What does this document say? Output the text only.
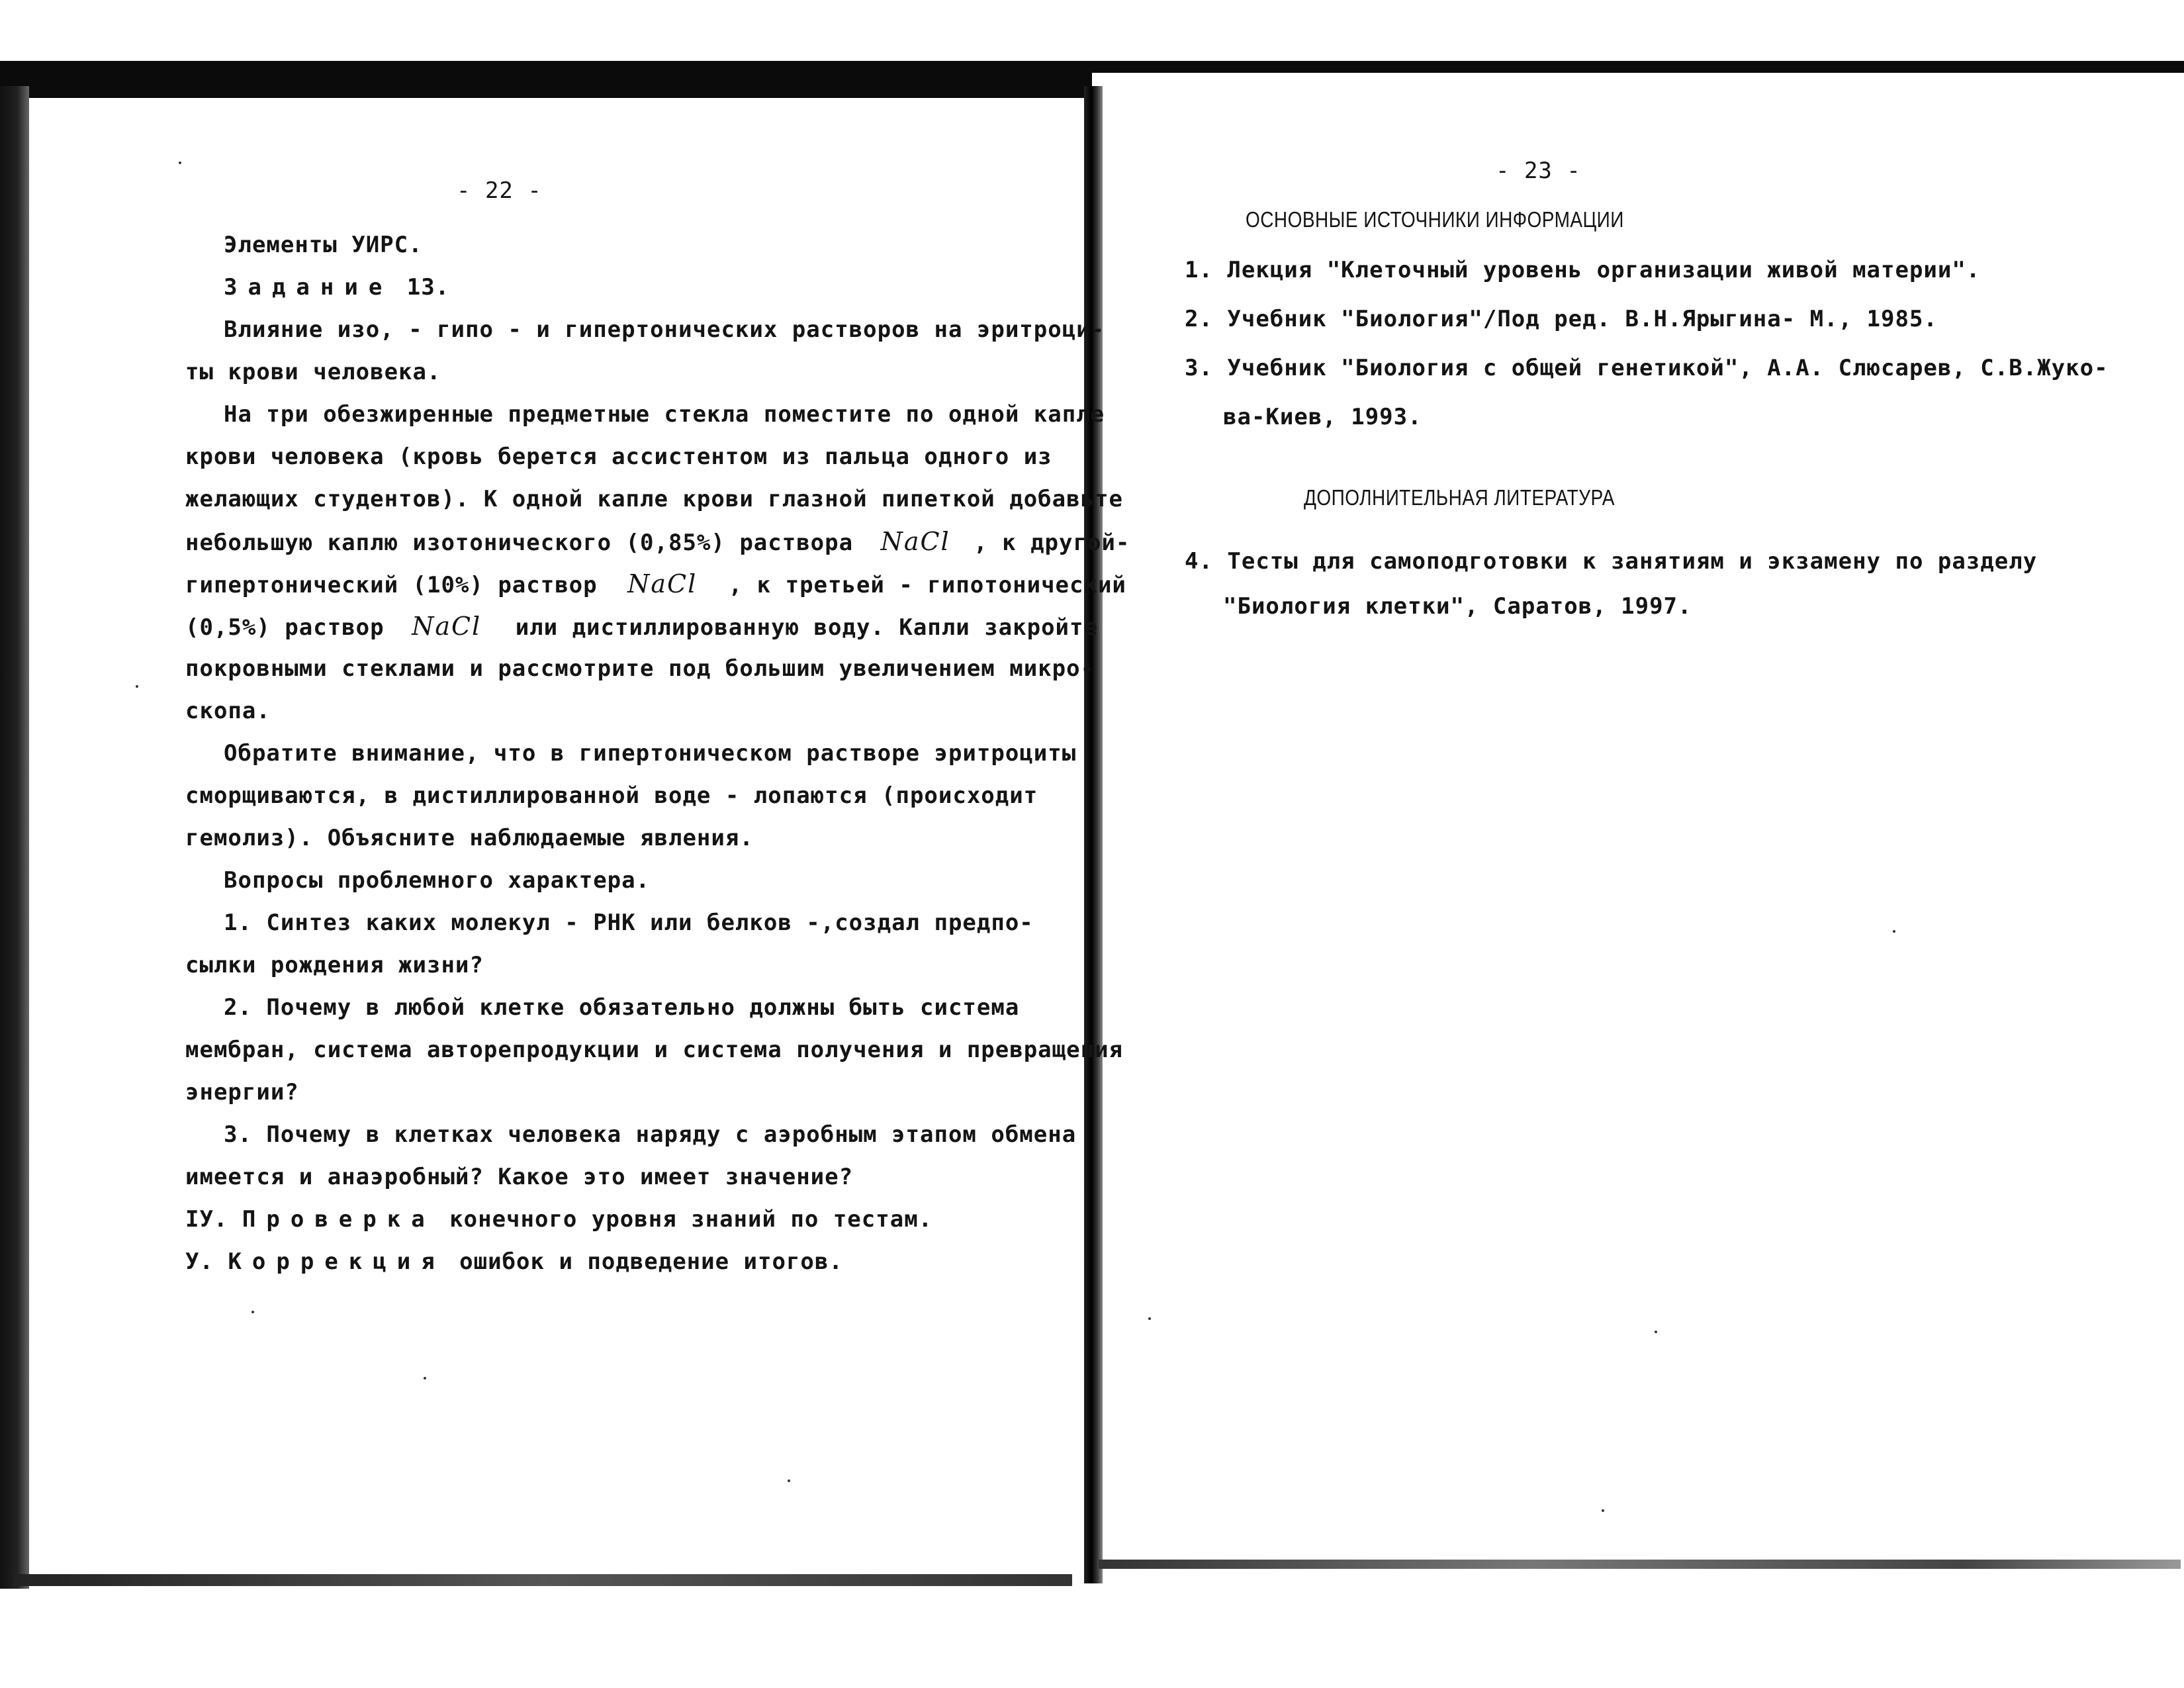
- 22 -
Элементы УИРС.
Задание 13.
Влияние изо, - гипо - и гипертонических растворов на эритроци-
ты крови человека.
На три обезжиренные предметные стекла поместите по одной капле
крови человека (кровь берется ассистентом из пальца одного из
желающих студентов). К одной капле крови глазной пипеткой добавьте
небольшую каплю изотонического (0,85%) раствора NaCl , к другой-
гипертонический (10%) раствор NaCl , к третьей - гипотонический
(0,5%) раствор NaCl или дистиллированную воду. Капли закройте
покровными стеклами и рассмотрите под большим увеличением микро-
скопа.
Обратите внимание, что в гипертоническом растворе эритроциты
сморщиваются, в дистиллированной воде - лопаются (происходит
гемолиз). Объясните наблюдаемые явления.
Вопросы проблемного характера.
1. Синтез каких молекул - РНК или белков -,создал предпо-
сылки рождения жизни?
2. Почему в любой клетке обязательно должны быть система
мембран, система авторепродукции и система получения и превращения
энергии?
3. Почему в клетках человека наряду с аэробным этапом обмена
имеется и анаэробный? Какое это имеет значение?
IУ. Проверка конечного уровня знаний по тестам.
У. Коррекция ошибок и подведение итогов.
- 23 -
ОСНОВНЫЕ ИСТОЧНИКИ ИНФОРМАЦИИ
1. Лекция "Клеточный уровень организации живой материи".
2. Учебник "Биология"/Под ред. В.Н.Ярыгина- М., 1985.
3. Учебник "Биология с общей генетикой", А.А. Слюсарев, С.В.Жуко-
ва-Киев, 1993.
ДОПОЛНИТЕЛЬНАЯ ЛИТЕРАТУРА
4. Тесты для самоподготовки к занятиям и экзамену по разделу
"Биология клетки", Саратов, 1997.
